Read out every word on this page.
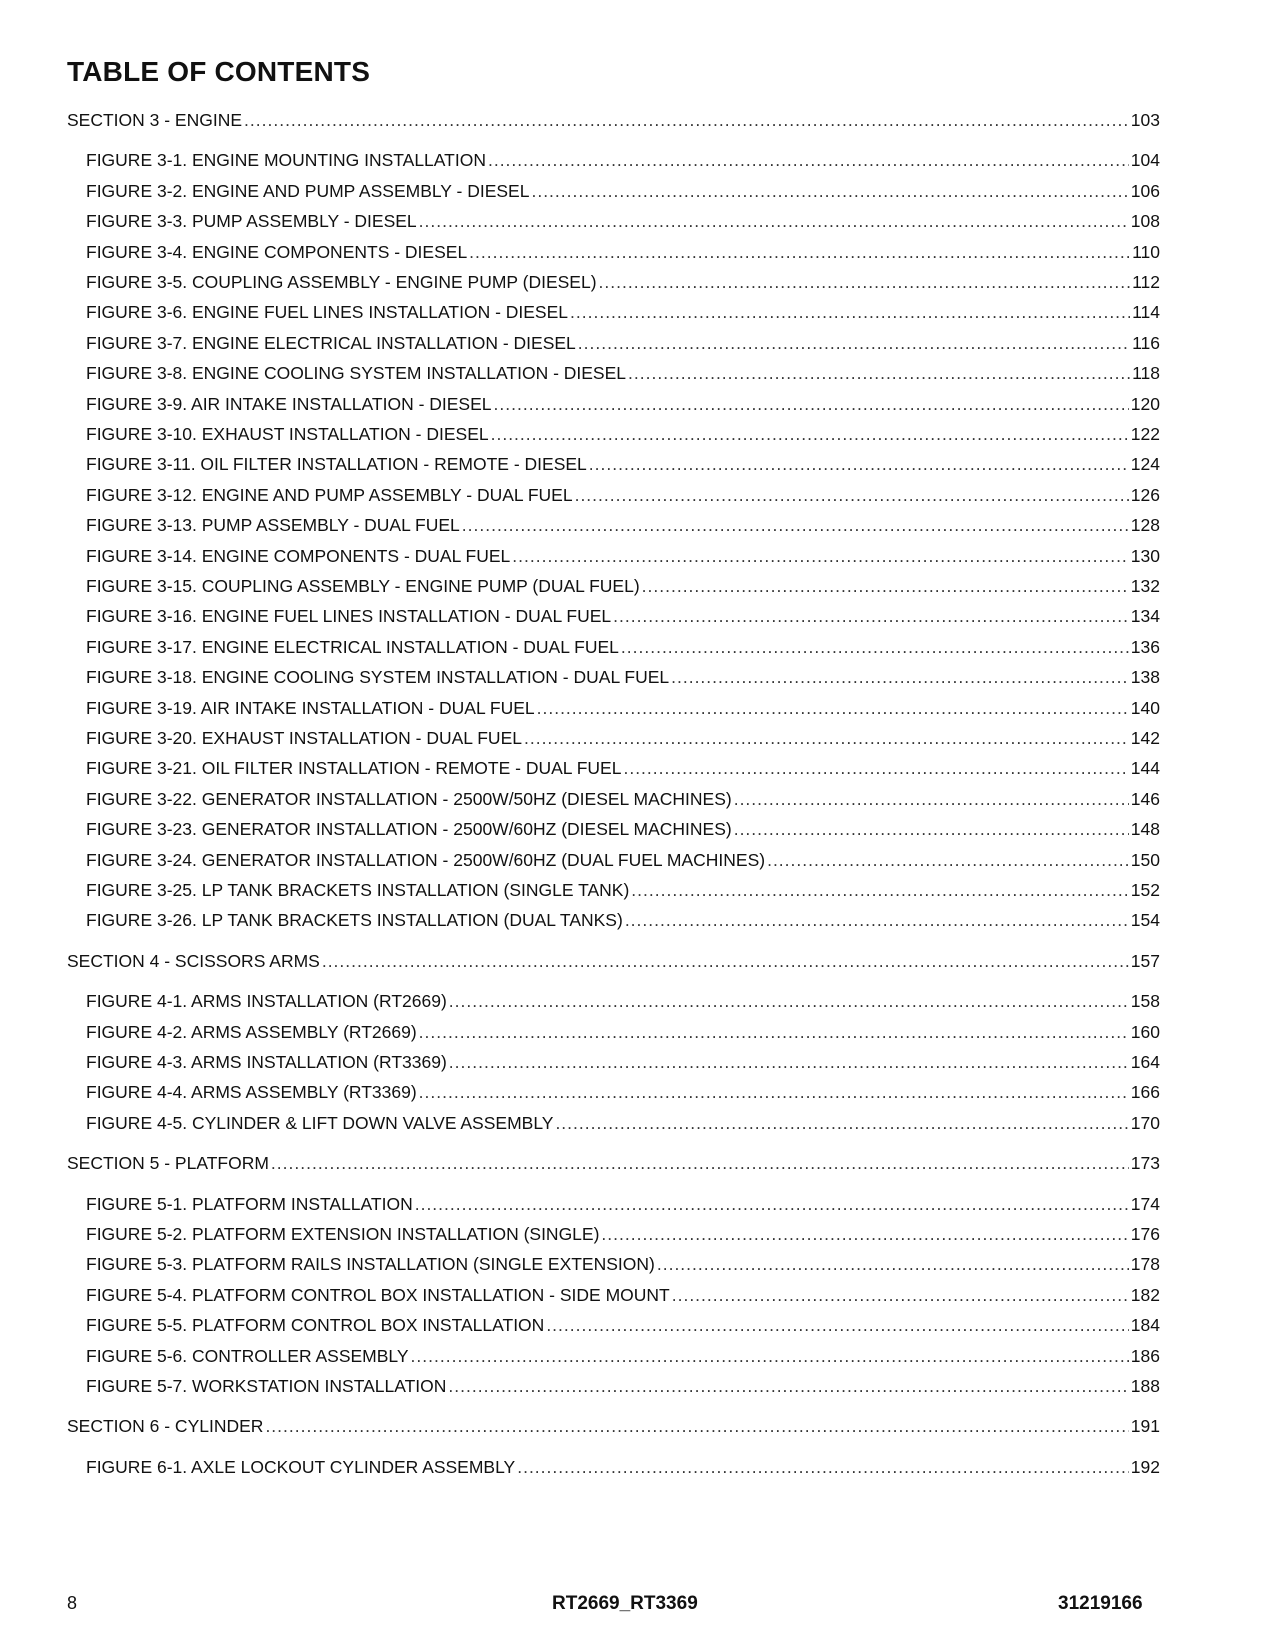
TABLE OF CONTENTS
SECTION 3 - ENGINE .....	103
FIGURE 3-1. ENGINE MOUNTING INSTALLATION .....	104
FIGURE 3-2. ENGINE AND PUMP ASSEMBLY - DIESEL .....	106
FIGURE 3-3. PUMP ASSEMBLY - DIESEL .....	108
FIGURE 3-4. ENGINE COMPONENTS - DIESEL .....	110
FIGURE 3-5. COUPLING ASSEMBLY - ENGINE PUMP (DIESEL) .....	112
FIGURE 3-6. ENGINE FUEL LINES INSTALLATION - DIESEL .....	114
FIGURE 3-7. ENGINE ELECTRICAL INSTALLATION - DIESEL .....	116
FIGURE 3-8. ENGINE COOLING SYSTEM INSTALLATION - DIESEL .....	118
FIGURE 3-9. AIR INTAKE INSTALLATION - DIESEL .....	120
FIGURE 3-10. EXHAUST INSTALLATION - DIESEL .....	122
FIGURE 3-11. OIL FILTER INSTALLATION - REMOTE - DIESEL .....	124
FIGURE 3-12. ENGINE AND PUMP ASSEMBLY - DUAL FUEL .....	126
FIGURE 3-13. PUMP ASSEMBLY - DUAL FUEL .....	128
FIGURE 3-14. ENGINE COMPONENTS - DUAL FUEL .....	130
FIGURE 3-15. COUPLING ASSEMBLY - ENGINE PUMP (DUAL FUEL) .....	132
FIGURE 3-16. ENGINE FUEL LINES INSTALLATION - DUAL FUEL .....	134
FIGURE 3-17. ENGINE ELECTRICAL INSTALLATION - DUAL FUEL .....	136
FIGURE 3-18. ENGINE COOLING SYSTEM INSTALLATION - DUAL FUEL .....	138
FIGURE 3-19. AIR INTAKE INSTALLATION - DUAL FUEL .....	140
FIGURE 3-20. EXHAUST INSTALLATION - DUAL FUEL .....	142
FIGURE 3-21. OIL FILTER INSTALLATION - REMOTE - DUAL FUEL .....	144
FIGURE 3-22. GENERATOR INSTALLATION - 2500W/50HZ (DIESEL MACHINES) .....	146
FIGURE 3-23. GENERATOR INSTALLATION - 2500W/60HZ (DIESEL MACHINES) .....	148
FIGURE 3-24. GENERATOR INSTALLATION - 2500W/60HZ (DUAL FUEL MACHINES) .....	150
FIGURE 3-25. LP TANK BRACKETS INSTALLATION (SINGLE TANK) .....	152
FIGURE 3-26. LP TANK BRACKETS INSTALLATION (DUAL TANKS) .....	154
SECTION 4 - SCISSORS ARMS .....	157
FIGURE 4-1. ARMS INSTALLATION (RT2669) .....	158
FIGURE 4-2. ARMS ASSEMBLY (RT2669) .....	160
FIGURE 4-3. ARMS INSTALLATION (RT3369) .....	164
FIGURE 4-4. ARMS ASSEMBLY (RT3369) .....	166
FIGURE 4-5. CYLINDER & LIFT DOWN VALVE ASSEMBLY .....	170
SECTION 5 - PLATFORM .....	173
FIGURE 5-1. PLATFORM INSTALLATION .....	174
FIGURE 5-2. PLATFORM EXTENSION INSTALLATION (SINGLE) .....	176
FIGURE 5-3. PLATFORM RAILS INSTALLATION (SINGLE EXTENSION) .....	178
FIGURE 5-4. PLATFORM CONTROL BOX INSTALLATION - SIDE MOUNT .....	182
FIGURE 5-5. PLATFORM CONTROL BOX INSTALLATION .....	184
FIGURE 5-6. CONTROLLER ASSEMBLY .....	186
FIGURE 5-7. WORKSTATION INSTALLATION .....	188
SECTION 6 - CYLINDER .....	191
FIGURE 6-1. AXLE LOCKOUT CYLINDER ASSEMBLY .....	192
8	RT2669_RT3369	31219166
